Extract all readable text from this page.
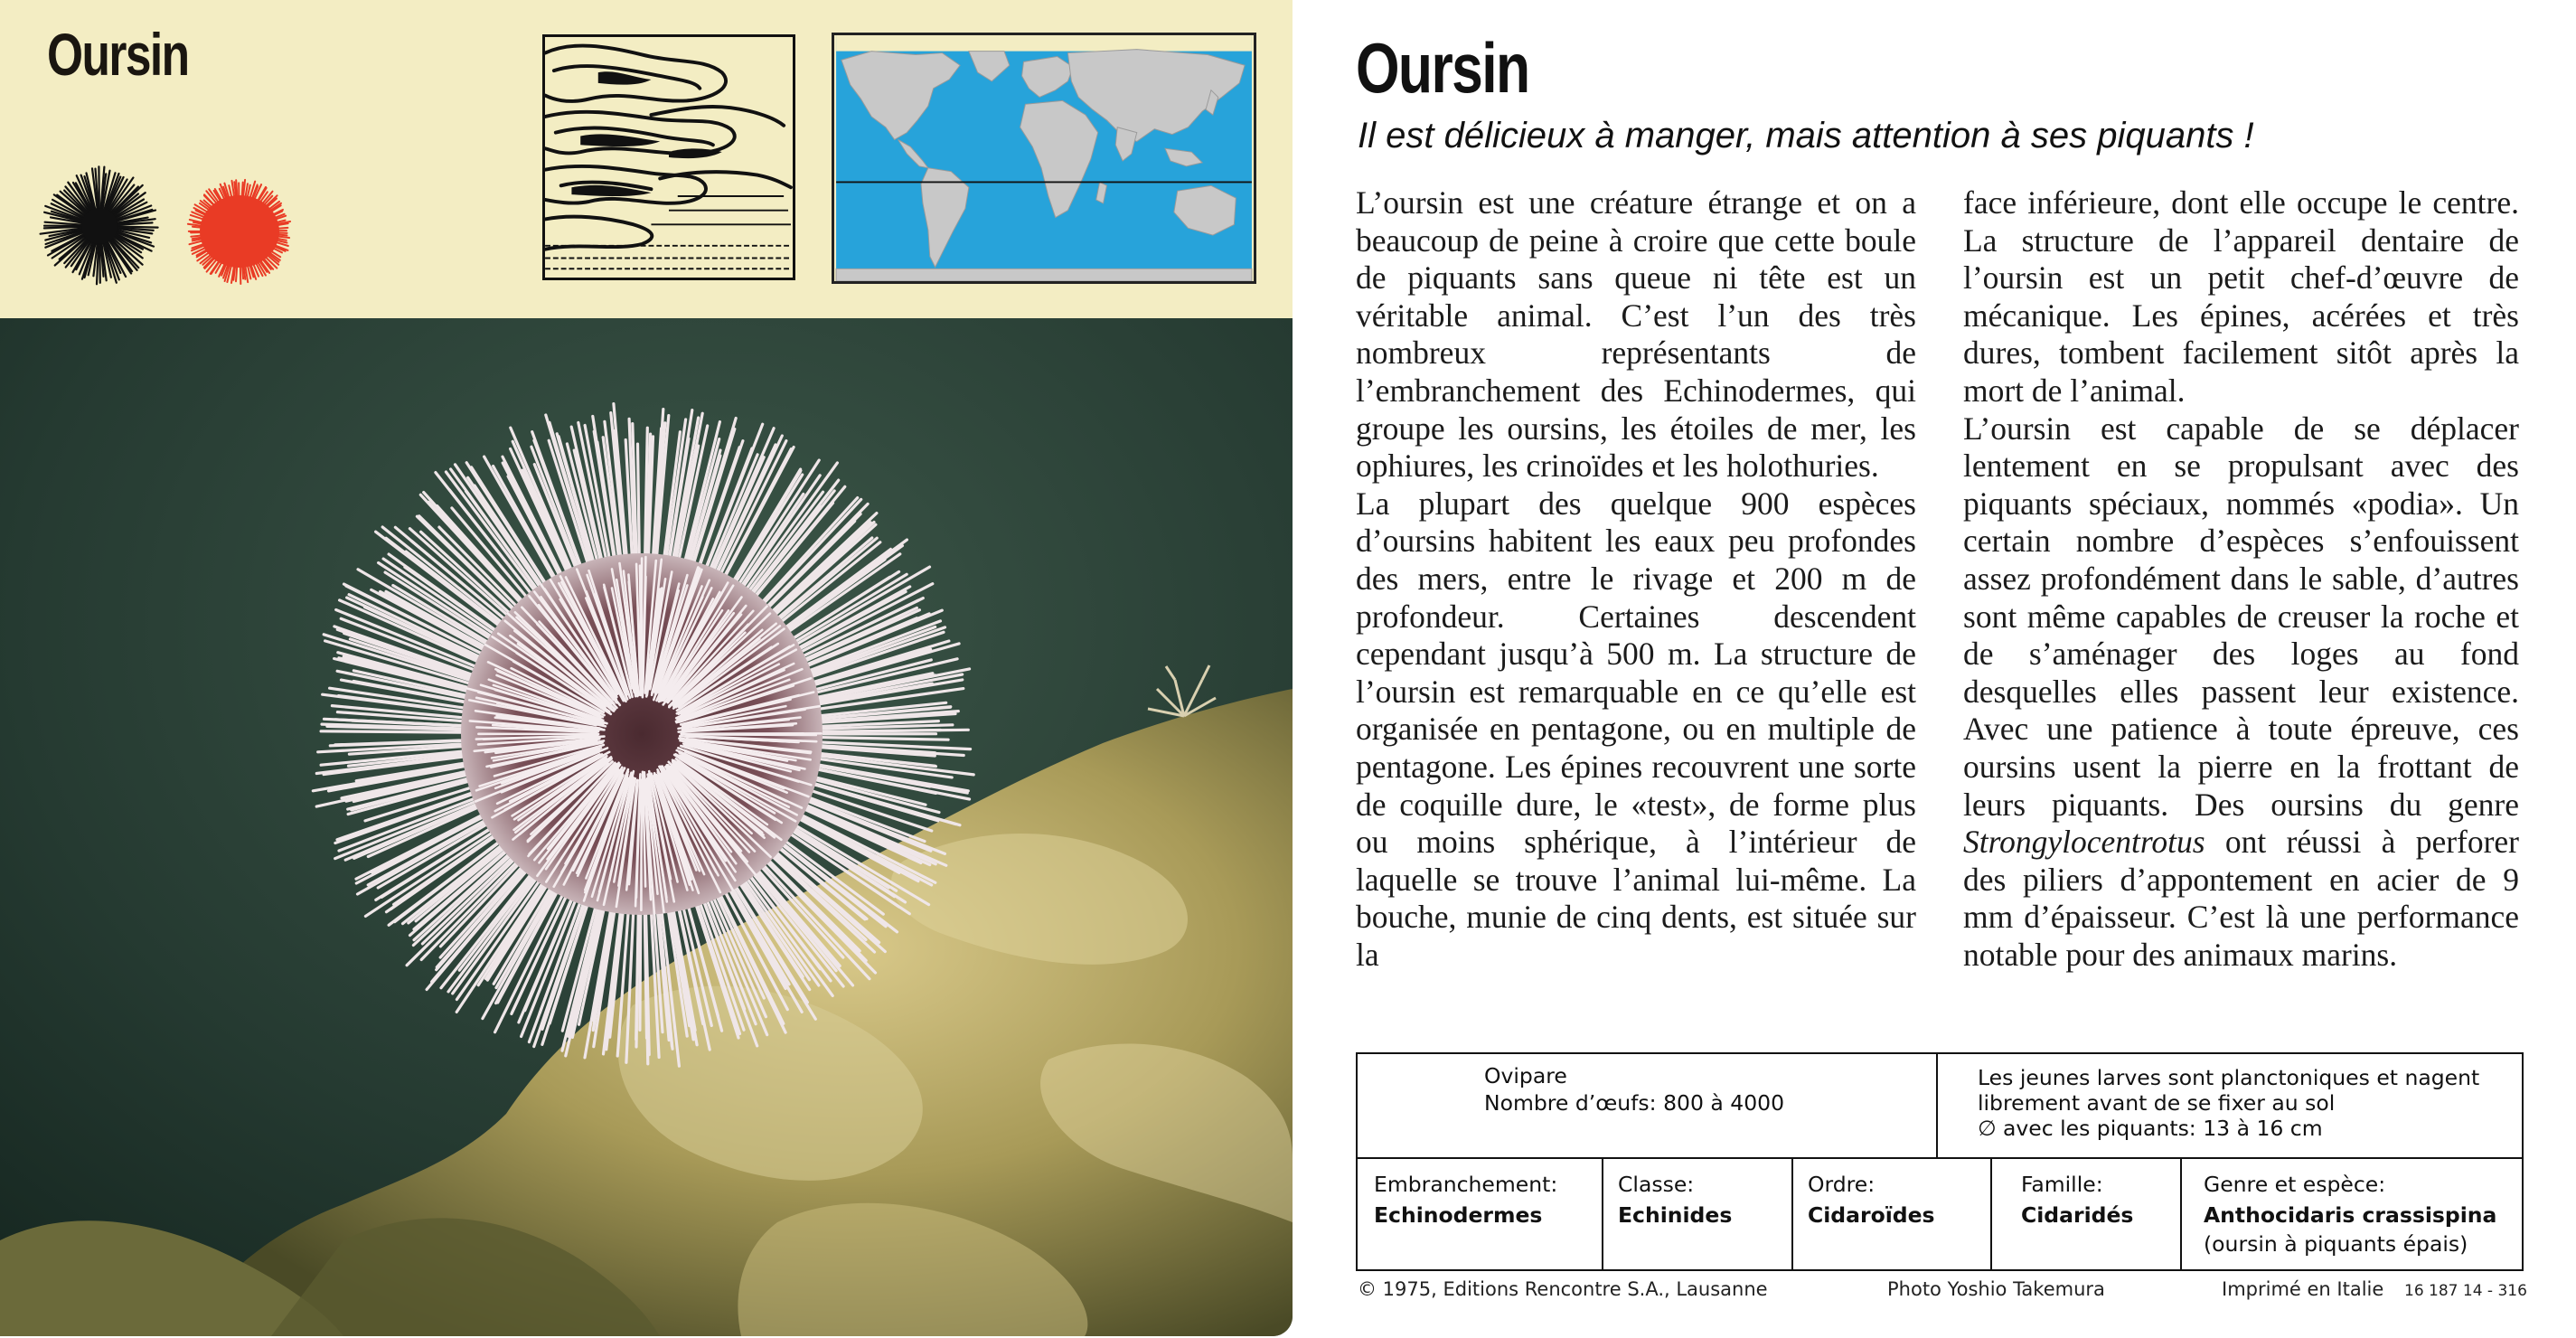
Oursin	Oursin
Il est délicieux à manger, mais attention à ses piquants !

L’oursin est une créature étrange et on a beaucoup de peine à croire que cette boule de piquants sans queue ni tête est un véritable animal. C’est l’un des très nombreux représentants de l’embranchement des Echinodermes, qui groupe les oursins, les étoiles de mer, les ophiures, les crinoïdes et les holothuries.

La plupart des quelque 900 espèces d’oursins habitent les eaux peu profondes des mers, entre le rivage et 200 m de profondeur. Certaines descendent cependant jusqu’à 500 m. La structure de l’oursin est remarquable en ce qu’elle est organisée en pentagone, ou en multiple de pentagone. Les épines recouvrent une sorte de coquille dure, le «test», de forme plus ou moins sphérique, à l’intérieur de laquelle se trouve l’animal lui-même. La bouche, munie de cinq dents, est située sur la

face inférieure, dont elle occupe le centre. La structure de l’appareil dentaire de l’oursin est un petit chef-d’œuvre de mécanique. Les épines, acérées et très dures, tombent facilement sitôt après la mort de l’animal.

L’oursin est capable de se déplacer lentement en se propulsant avec des piquants spéciaux, nommés «podia». Un certain nombre d’espèces s’enfouissent assez profondément dans le sable, d’autres sont même capables de creuser la roche et de s’aménager des loges au fond desquelles elles passent leur existence. Avec une patience à toute épreuve, ces oursins usent la pierre en la frottant de leurs piquants. Des oursins du genre Strongylocentrotus ont réussi à perforer des piliers d’appontement en acier de 9 mm d’épaisseur. C’est là une performance notable pour des animaux marins.

Ovipare
Nombre d’œufs: 800 à 4000
Les jeunes larves sont planctoniques et nagent
librement avant de se fixer au sol
∅ avec les piquants: 13 à 16 cm
Embranchement:
Echinodermes
Classe:
Echinides
Ordre:
Cidaroïdes
Famille:
Cidaridés
Genre et espèce:
Anthocidaris crassispina
(oursin à piquants épais)
© 1975, Editions Rencontre S.A., Lausanne	Photo Yoshio Takemura	Imprimé en Italie 16 187 14 - 316
